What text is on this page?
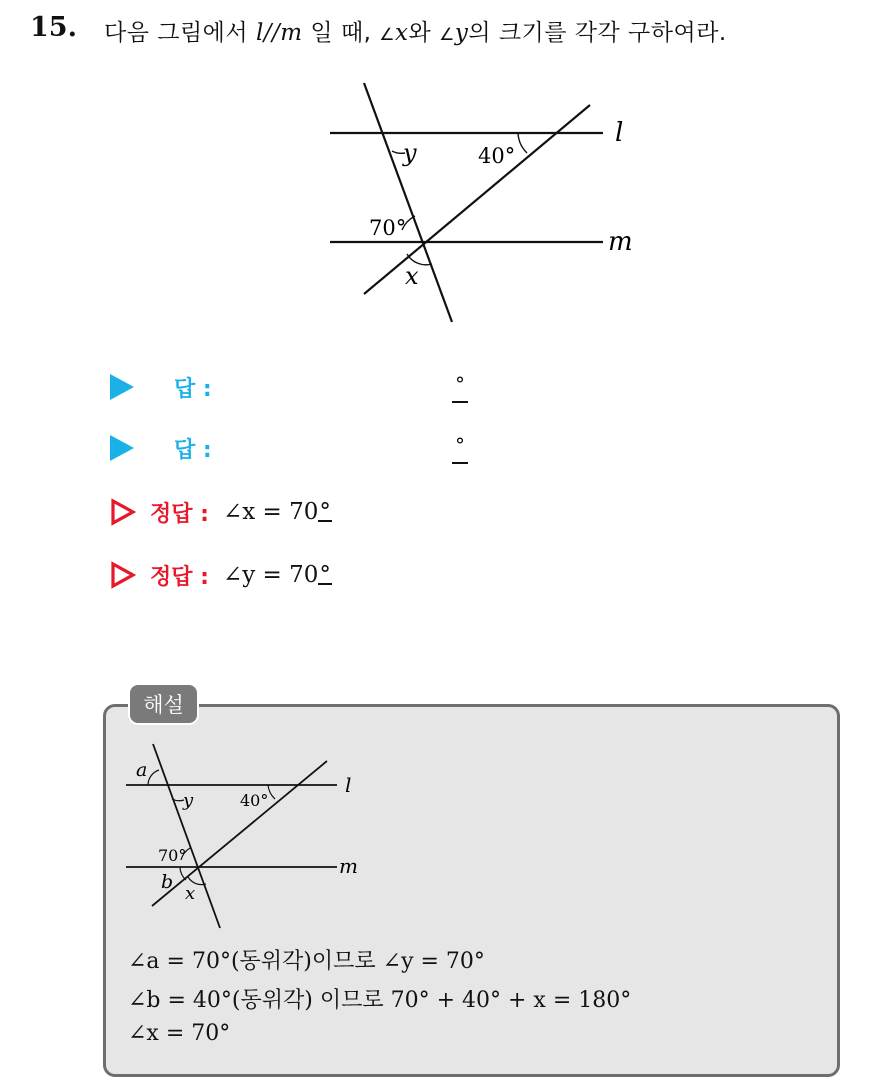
15. 다음 그림에서 l//m 일 때, ∠x와 ∠y의 크기를 각각 구하여라.
l
m
y	40°
70°
x
답 :	°
답 :	°
정답 : ∠x = 70°
정답 : ∠y = 70°
해설
a
l
y	40°
70°	m
b
x
∠a = 70°(동위각)이므로 ∠y = 70°
∠b = 40°(동위각) 이므로 70° + 40° + x = 180°
∠x = 70°
